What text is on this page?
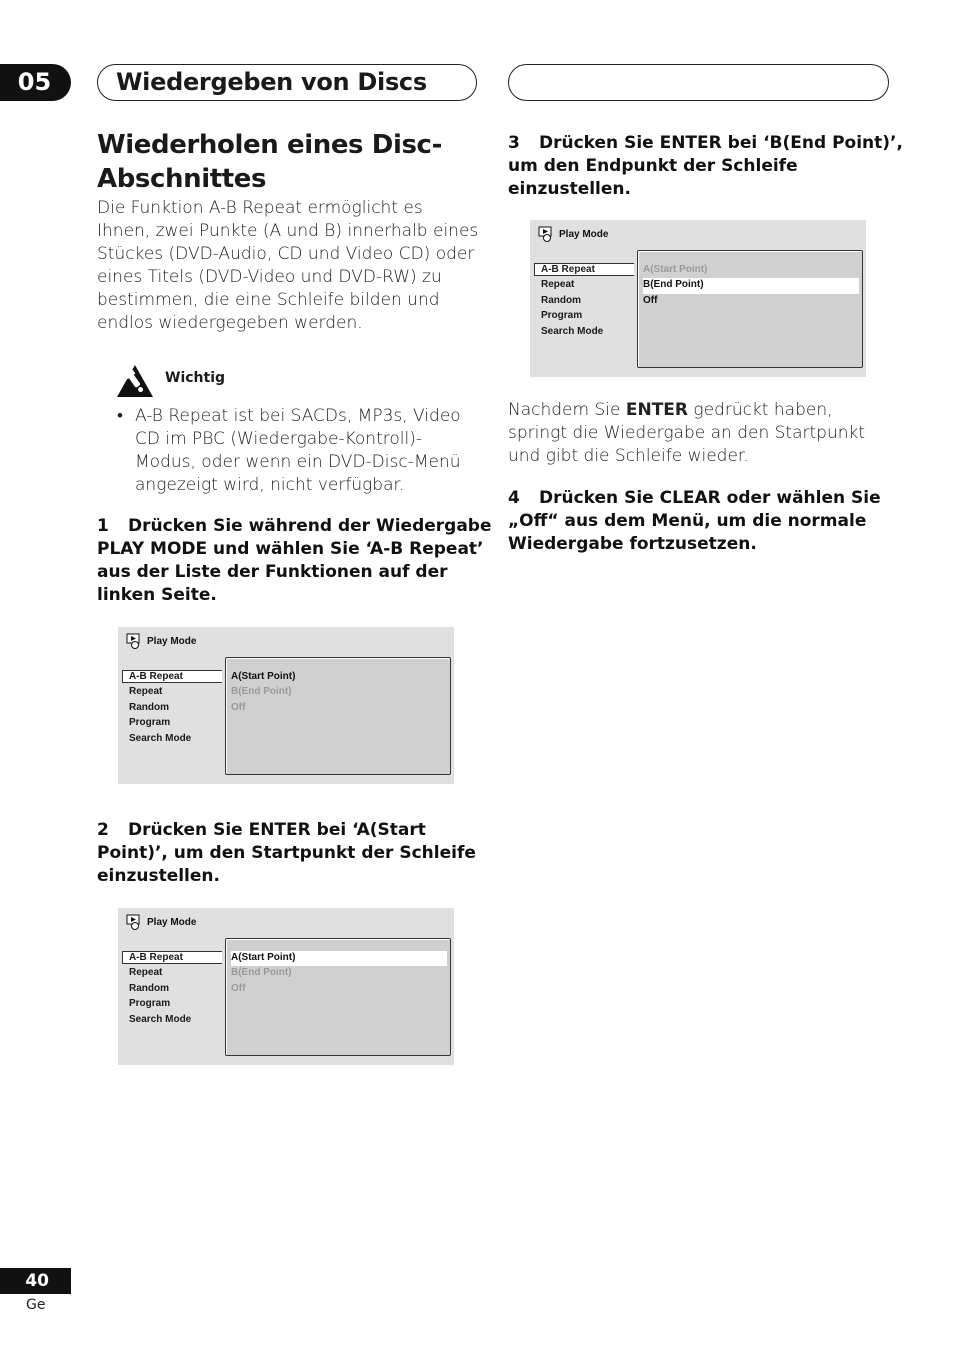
05	Wiedergeben von Discs
Wiederholen eines Disc-
Abschnittes
Die Funktion A-B Repeat ermöglicht es
Ihnen, zwei Punkte (A und B) innerhalb eines
Stückes (DVD-Audio, CD und Video CD) oder
eines Titels (DVD-Video und DVD-RW) zu
bestimmen, die eine Schleife bilden und
endlos wiedergegeben werden.
Wichtig
• A-B Repeat ist bei SACDs, MP3s, Video
CD im PBC (Wiedergabe-Kontroll)-
Modus, oder wenn ein DVD-Disc-Menü
angezeigt wird, nicht verfügbar.
1 Drücken Sie während der Wiedergabe
PLAY MODE und wählen Sie ‘A-B Repeat’
aus der Liste der Funktionen auf der
linken Seite.
Play Mode
A-B Repeat
Repeat
Random
Program
Search Mode
A(Start Point)
B(End Point)
Off
2 Drücken Sie ENTER bei ‘A(Start
Point)’, um den Startpunkt der Schleife
einzustellen.
Play Mode
A-B Repeat
Repeat
Random
Program
Search Mode
A(Start Point)
B(End Point)
Off
3 Drücken Sie ENTER bei ‘B(End Point)’,
um den Endpunkt der Schleife
einzustellen.
Play Mode
A-B Repeat
Repeat
Random
Program
Search Mode
A(Start Point)
B(End Point)
Off
Nachdem Sie ENTER gedrückt haben,
springt die Wiedergabe an den Startpunkt
und gibt die Schleife wieder.
4 Drücken Sie CLEAR oder wählen Sie
„Off“ aus dem Menü, um die normale
Wiedergabe fortzusetzen.
40
Ge
